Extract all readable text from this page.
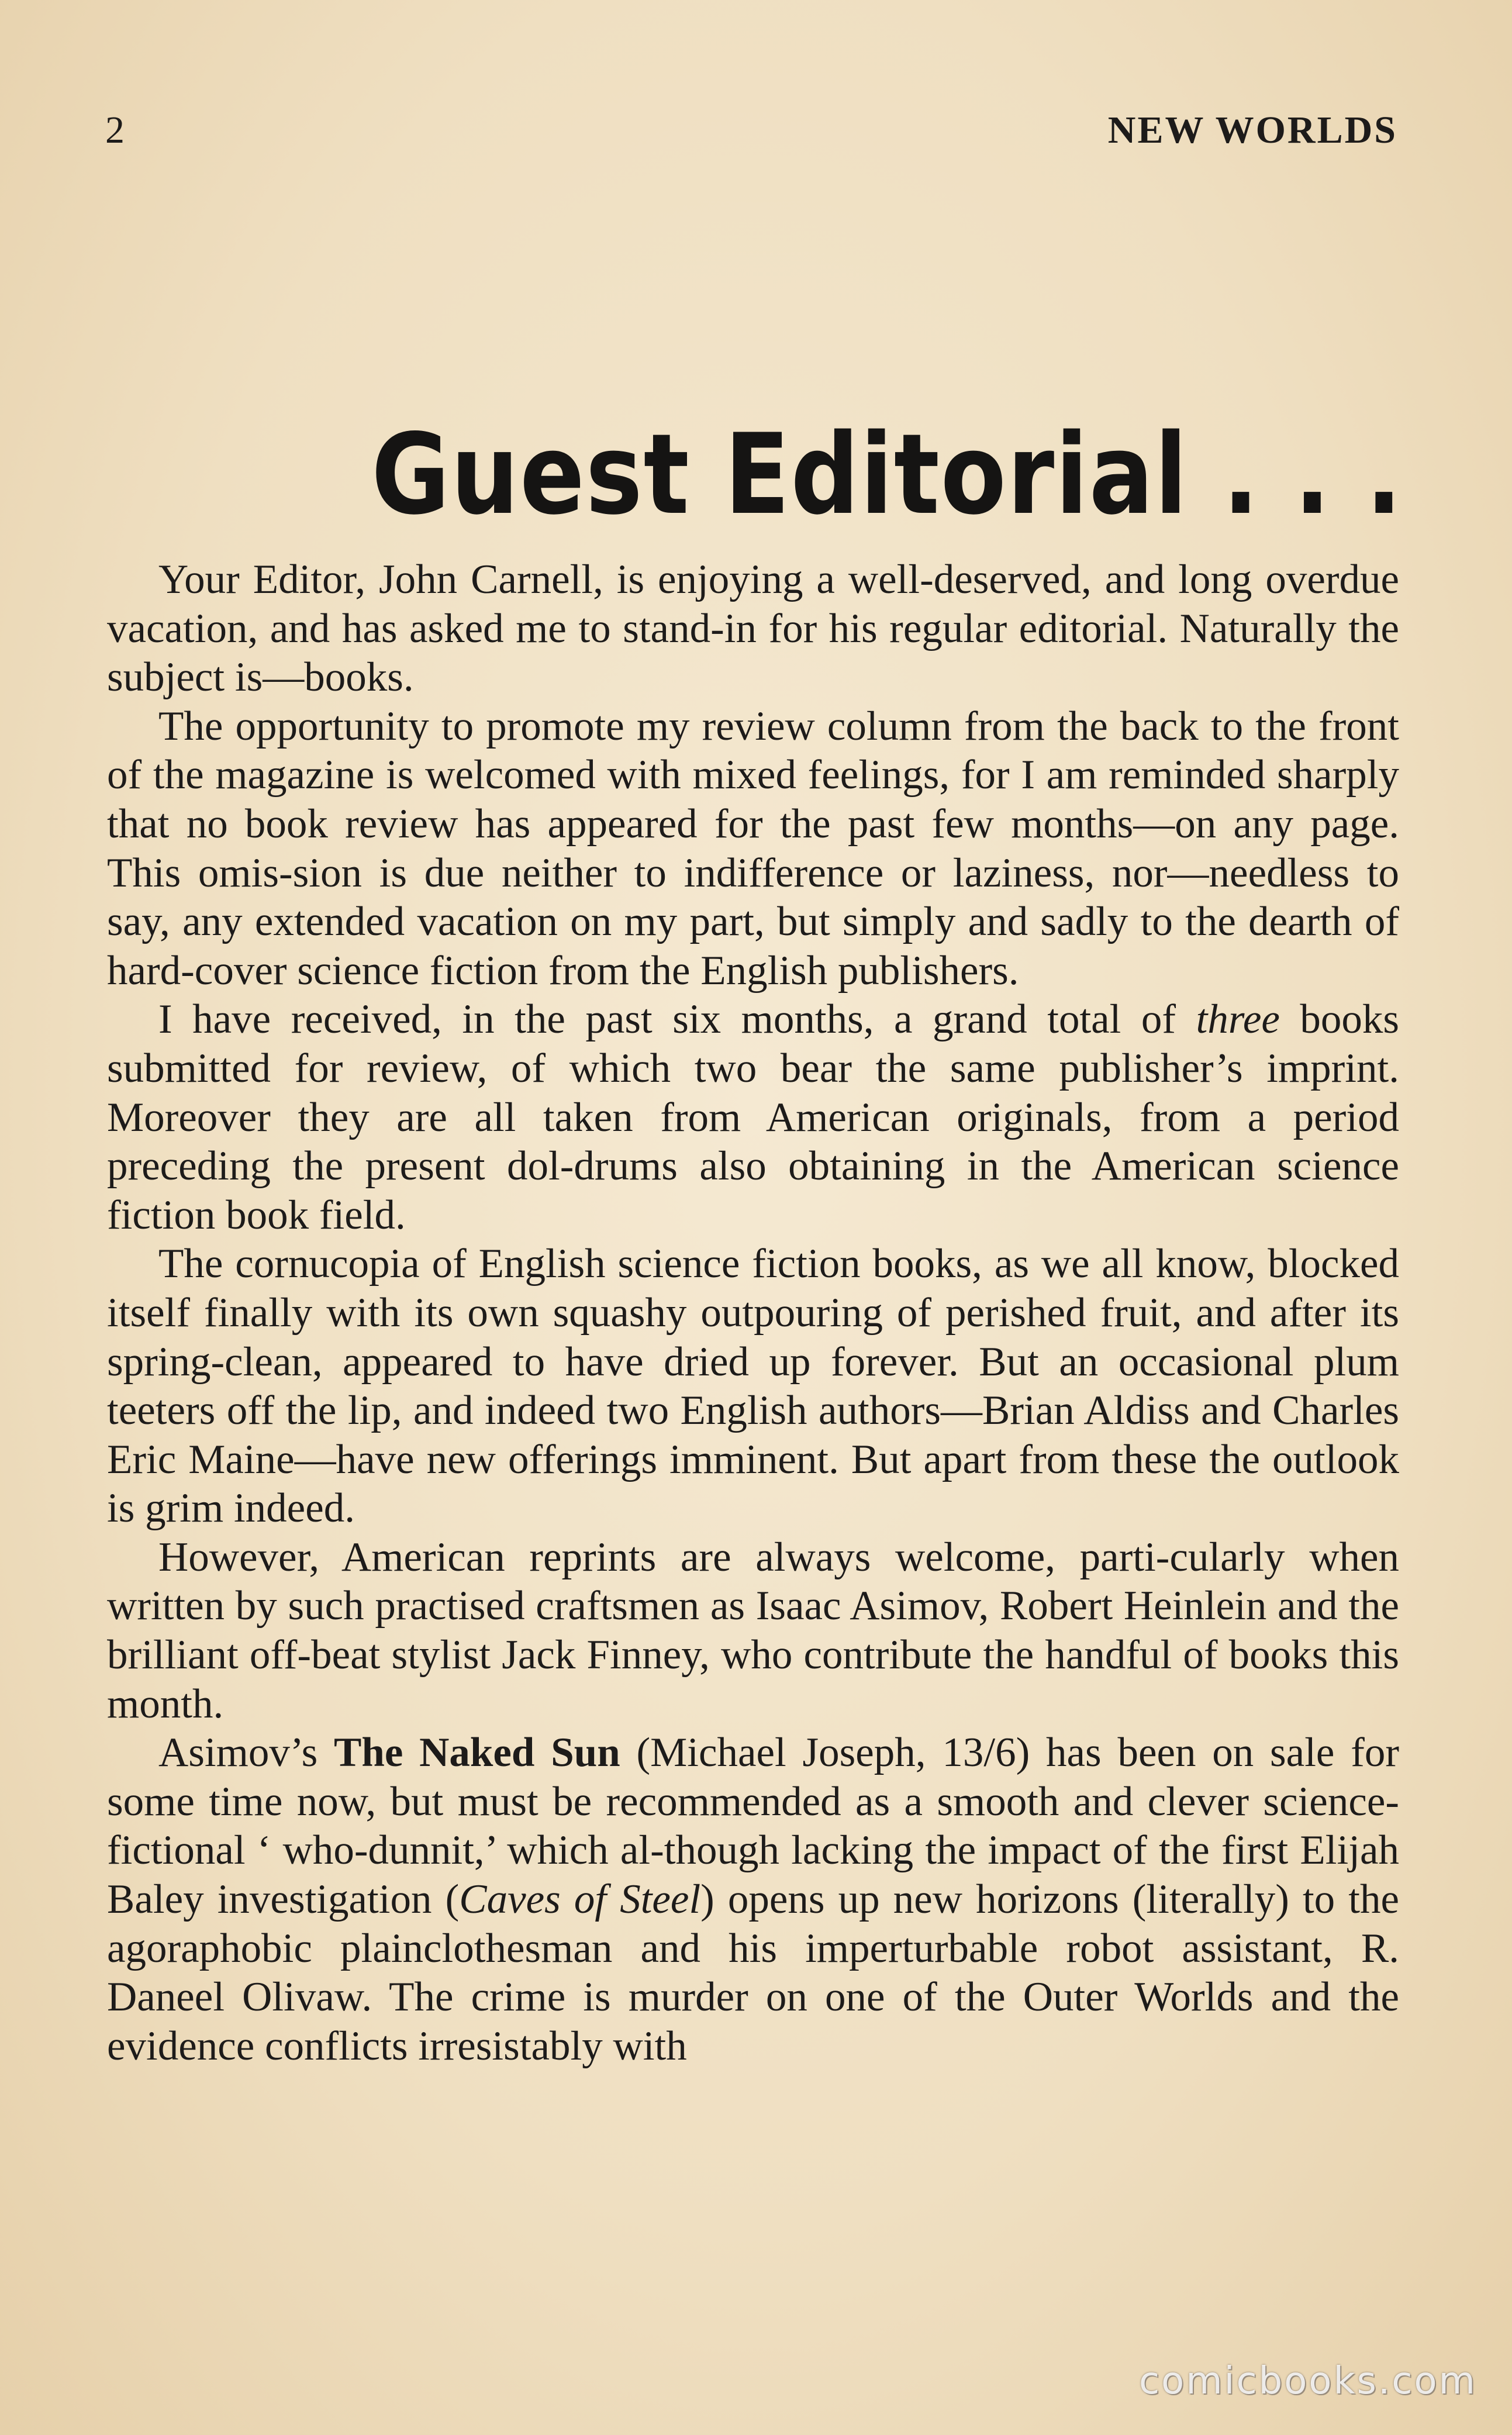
2	NEW WORLDS
Guest Editorial . . .

Your Editor, John Carnell, is enjoying a well-deserved, and long overdue vacation, and has asked me to stand-in for his regular editorial. Naturally the subject is—books.

The opportunity to promote my review column from the back to the front of the magazine is welcomed with mixed feelings, for I am reminded sharply that no book review has appeared for the past few months—on any page. This omis-sion is due neither to indifference or laziness, nor—needless to say, any extended vacation on my part, but simply and sadly to the dearth of hard-cover science fiction from the English publishers.

I have received, in the past six months, a grand total of three books submitted for review, of which two bear the same publisher’s imprint. Moreover they are all taken from American originals, from a period preceding the present dol-drums also obtaining in the American science fiction book field.

The cornucopia of English science fiction books, as we all know, blocked itself finally with its own squashy outpouring of perished fruit, and after its spring-clean, appeared to have dried up forever. But an occasional plum teeters off the lip, and indeed two English authors—Brian Aldiss and Charles Eric Maine—have new offerings imminent. But apart from these the outlook is grim indeed.

However, American reprints are always welcome, parti-cularly when written by such practised craftsmen as Isaac Asimov, Robert Heinlein and the brilliant off-beat stylist Jack Finney, who contribute the handful of books this month.

Asimov’s The Naked Sun (Michael Joseph, 13/6) has been on sale for some time now, but must be recommended as a smooth and clever science-fictional ‘ who-dunnit,’ which al-though lacking the impact of the first Elijah Baley investigation (Caves of Steel) opens up new horizons (literally) to the agoraphobic plainclothesman and his imperturbable robot assistant, R. Daneel Olivaw. The crime is murder on one of the Outer Worlds and the evidence conflicts irresistably with

comicbooks.com
